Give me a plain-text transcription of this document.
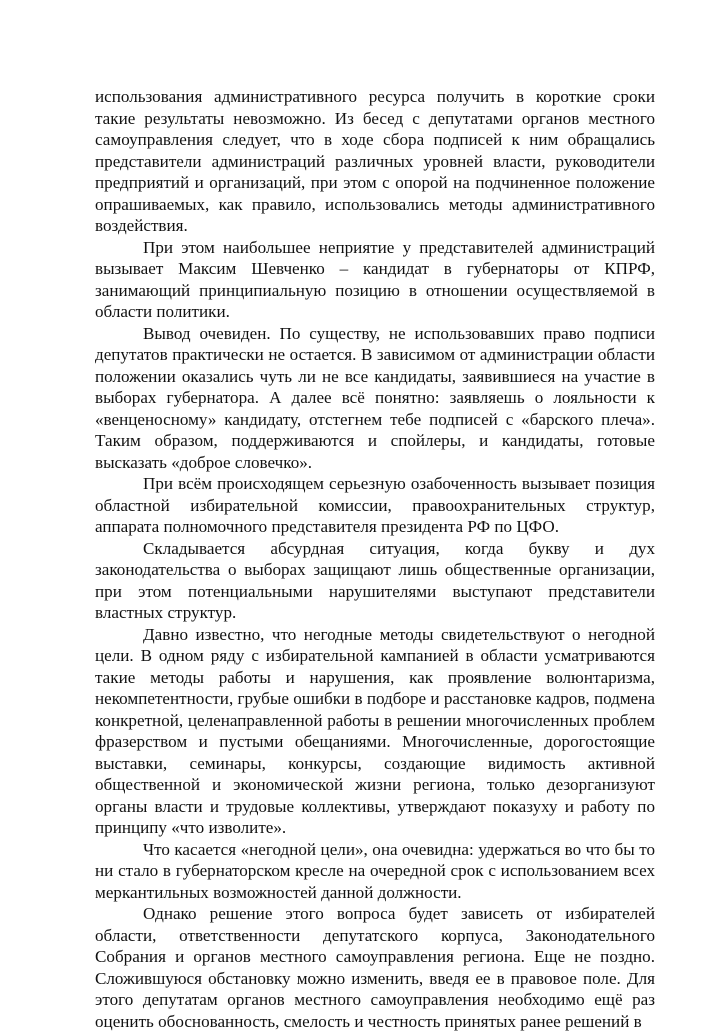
использования административного ресурса получить в короткие сроки такие результаты невозможно. Из бесед с депутатами органов местного самоуправления следует, что в ходе сбора подписей к ним обращались представители администраций различных уровней власти, руководители предприятий и организаций, при этом с опорой на подчиненное положение опрашиваемых, как правило, использовались методы административного воздействия.

При этом наибольшее неприятие у представителей администраций вызывает Максим Шевченко – кандидат в губернаторы от КПРФ, занимающий принципиальную позицию в отношении осуществляемой в области политики.

Вывод очевиден. По существу, не использовавших право подписи депутатов практически не остается. В зависимом от администрации области положении оказались чуть ли не все кандидаты, заявившиеся на участие в выборах губернатора. А далее всё понятно: заявляешь о лояльности к «венценосному» кандидату, отстегнем тебе подписей с «барского плеча». Таким образом, поддерживаются и спойлеры, и кандидаты, готовые высказать «доброе словечко».

При всём происходящем серьезную озабоченность вызывает позиция областной избирательной комиссии, правоохранительных структур, аппарата полномочного представителя президента РФ по ЦФО.

Складывается абсурдная ситуация, когда букву и дух законодательства о выборах защищают лишь общественные организации, при этом потенциальными нарушителями выступают представители властных структур.

Давно известно, что негодные методы свидетельствуют о негодной цели. В одном ряду с избирательной кампанией в области усматриваются такие методы работы и нарушения, как проявление волюнтаризма, некомпетентности, грубые ошибки в подборе и расстановке кадров, подмена конкретной, целенаправленной работы в решении многочисленных проблем фразерством и пустыми обещаниями. Многочисленные, дорогостоящие выставки, семинары, конкурсы, создающие видимость активной общественной и экономической жизни региона, только дезорганизуют органы власти и трудовые коллективы, утверждают показуху и работу по принципу «что изволите».

Что касается «негодной цели», она очевидна: удержаться во что бы то ни стало в губернаторском кресле на очередной срок с использованием всех меркантильных возможностей данной должности.

Однако решение этого вопроса будет зависеть от избирателей области, ответственности депутатского корпуса, Законодательного Собрания и органов местного самоуправления региона. Еще не поздно. Сложившуюся обстановку можно изменить, введя ее в правовое поле. Для этого депутатам органов местного самоуправления необходимо ещё раз оценить обоснованность, смелость и честность принятых ранее решений в
